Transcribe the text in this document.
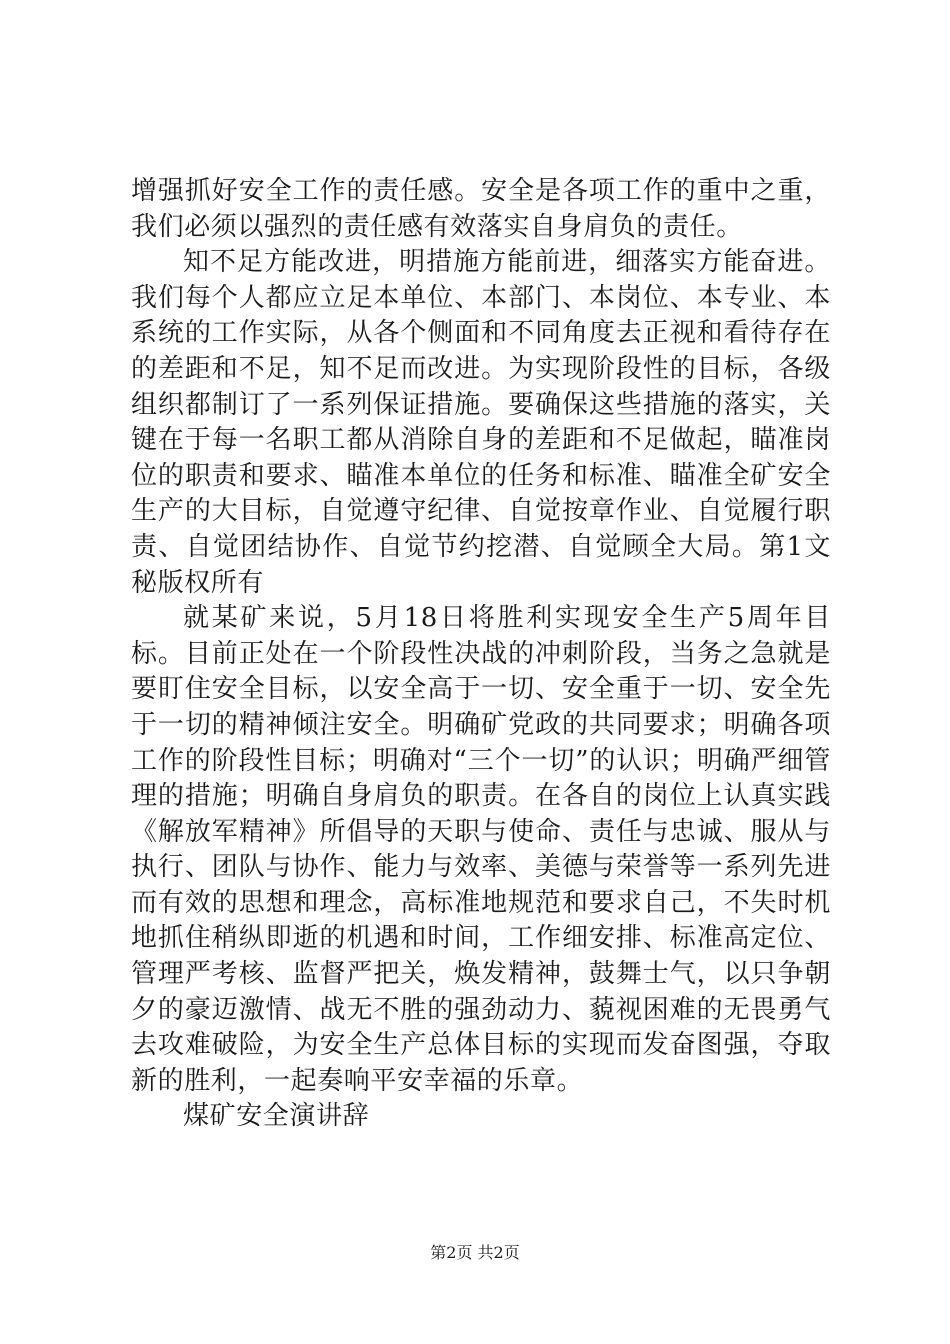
增强抓好安全工作的责任感。安全是各项工作的重中之重，我们必须以强烈的责任感有效落实自身肩负的责任。

知不足方能改进，明措施方能前进，细落实方能奋进。我们每个人都应立足本单位、本部门、本岗位、本专业、本系统的工作实际，从各个侧面和不同角度去正视和看待存在的差距和不足，知不足而改进。为实现阶段性的目标，各级组织都制订了一系列保证措施。要确保这些措施的落实，关键在于每一名职工都从消除自身的差距和不足做起，瞄准岗位的职责和要求、瞄准本单位的任务和标准、瞄准全矿安全生产的大目标，自觉遵守纪律、自觉按章作业、自觉履行职责、自觉团结协作、自觉节约挖潜、自觉顾全大局。第1文秘版权所有

就某矿来说，5月18日将胜利实现安全生产5周年目标。目前正处在一个阶段性决战的冲刺阶段，当务之急就是要盯住安全目标，以安全高于一切、安全重于一切、安全先于一切的精神倾注安全。明确矿党政的共同要求；明确各项工作的阶段性目标；明确对“三个一切”的认识；明确严细管理的措施；明确自身肩负的职责。在各自的岗位上认真实践《解放军精神》所倡导的天职与使命、责任与忠诚、服从与执行、团队与协作、能力与效率、美德与荣誉等一系列先进而有效的思想和理念，高标准地规范和要求自己，不失时机地抓住稍纵即逝的机遇和时间，工作细安排、标准高定位、管理严考核、监督严把关，焕发精神，鼓舞士气，以只争朝夕的豪迈激情、战无不胜的强劲动力、藐视困难的无畏勇气去攻难破险，为安全生产总体目标的实现而发奋图强，夺取新的胜利，一起奏响平安幸福的乐章。

煤矿安全演讲辞

第2页 共2页
